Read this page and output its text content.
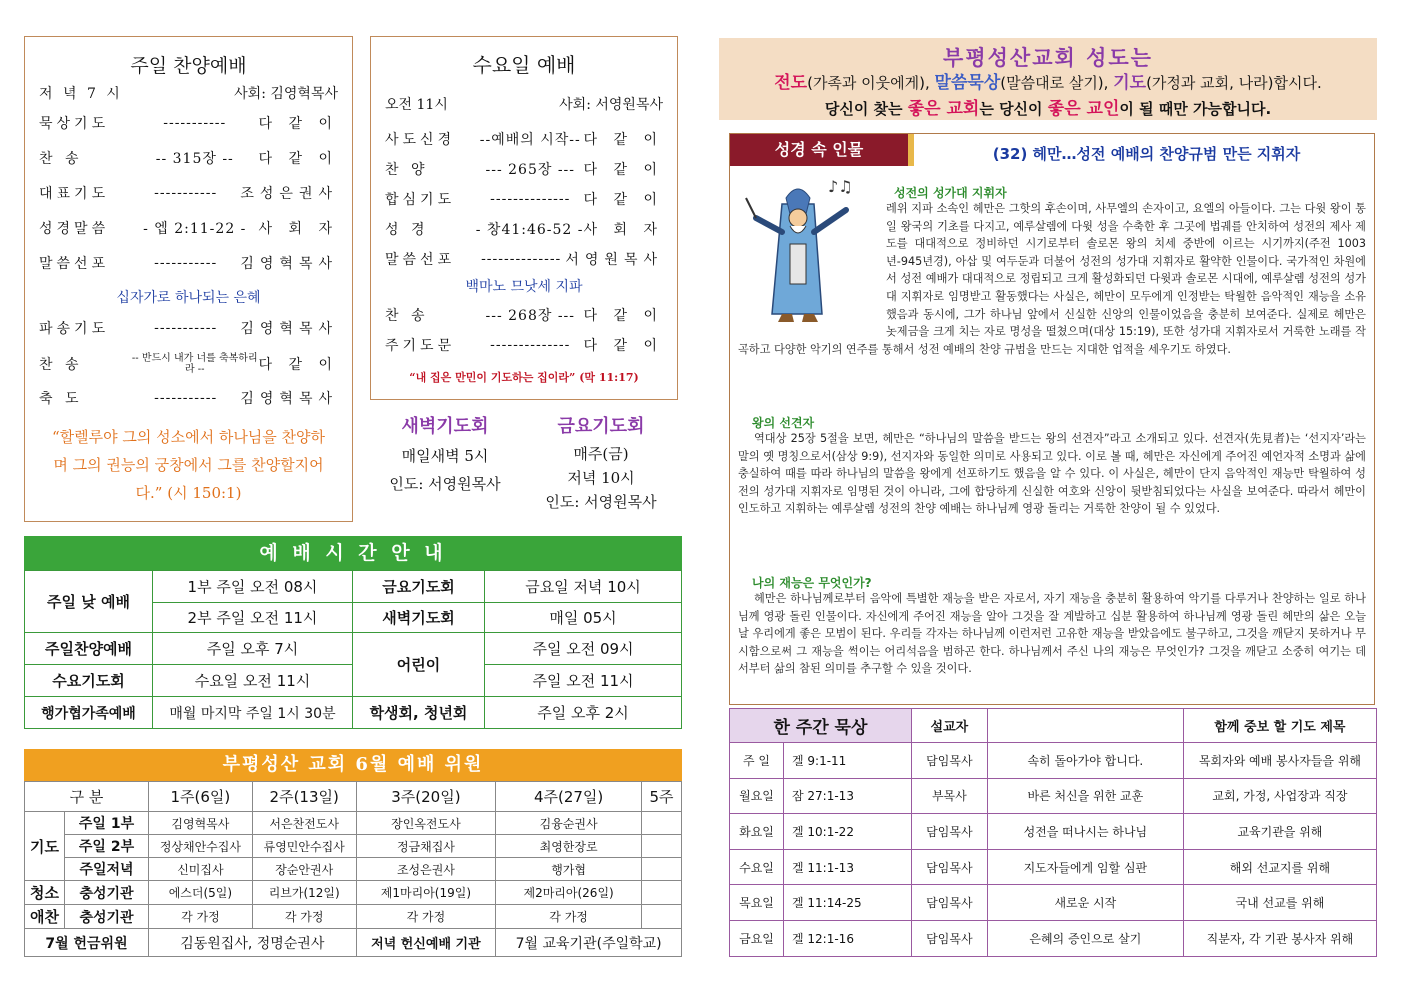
주일 찬양예배
저 녁 7 시	사회: 김영혁목사
묵상기도	-----------	다 같 이
찬 송	-- 315장 --	다 같 이
대표기도	-----------	조성은권사
성경말씀	- 엡 2:11-22 - 사 회 자
말씀선포	-----------	김영혁목사
십자가로 하나되는 은혜
파송기도	-----------	김영혁목사
찬 송	-- 반드시 내가 너를 축복하리라 --	다 같 이
축 도	-----------	김영혁목사
“할렐루야 그의 성소에서 하나님을 찬양하며 그의 권능의 궁창에서 그를 찬양할지어다.” (시 150:1)
수요일 예배
오전 11시	사회: 서영원목사
사도신경	--예배의 시작-- 다 같 이
찬 양	--- 265장 --- 다 같 이
합심기도	-------------- 다 같 이
성 경	- 창41:46-52 - 사 회 자
말씀선포	-------------- 서영원목사
백마노 므낫세 지파
찬 송	--- 268장 --- 다 같 이
주기도문	-------------- 다 같 이
“내 집은 만민이 기도하는 집이라” (막 11:17)
새벽기도회
매일새벽 5시
인도: 서영원목사
금요기도회
매주(금)
저녁 10시
인도: 서영원목사
예 배 시 간 안 내
주일 낮 예배	1부 주일 오전 08시	금요기도회	금요일 저녁 10시
	2부 주일 오전 11시	새벽기도회	매일 05시
주일찬양예배	주일 오후 7시	어린이	주일 오전 09시
수요기도회	수요일 오전 11시		주일 오전 11시
행가협가족예배	매월 마지막 주일 1시 30분	학생회, 청년회	주일 오후 2시
부평성산 교회 6월 예배 위원
구 분		1주(6일)	2주(13일)	3주(20일)	4주(27일)	5주
기도	주일 1부	김영혁목사	서은찬전도사	장인옥전도사	김융순권사	
	주일 2부	정상채안수집사	류영민안수집사	정금채집사	최영한장로	
	주일저녁	신미집사	장순안권사	조성은권사	행가협	
청소	충성기관	에스더(5일)	리브가(12일)	제1마리아(19일)	제2마리아(26일)	
애찬	충성기관	각 가정	각 가정	각 가정	각 가정	
7월 헌금위원		김동원집사, 정명순권사		저녁 헌신예배 기관	7월 교육기관(주일학교)	
부평성산교회 성도는
전도(가족과 이웃에게), 말씀묵상(말씀대로 살기), 기도(가정과 교회, 나라)합시다.
당신이 찾는 좋은 교회는 당신이 좋은 교인이 될 때만 가능합니다.
성경 속 인물	(32) 헤만…성전 예배의 찬양규범 만든 지휘자
♪♫	성전의 성가대 지휘자
레위 지파 소속인 헤만은 그핫의 후손이며, 사무엘의 손자이고, 요엘의 아들이다. 그는 다윗 왕이 통일 왕국의 기초를 다지고, 예루살렘에 다윗 성을 수축한 후 그곳에 법궤를 안치하여 성전의 제사 제도를 대대적으로 정비하던 시기로부터 솔로몬 왕의 치세 중반에 이르는 시기까지(주전 1003년-945년경), 아삽 및 여두둔과 더불어 성전의 성가대 지휘자로 활약한 인물이다. 국가적인 차원에서 성전 예배가 대대적으로 정립되고 크게 활성화되던 다윗과 솔로몬 시대에, 예루살렘 성전의 성가대 지휘자로 임명받고 활동했다는 사실은, 헤만이 모두에게 인정받는 탁월한 음악적인 재능을 소유했음과 동시에, 그가 하나님 앞에서 신실한 신앙의 인물이었음을 충분히 보여준다. 실제로 헤만은 놋제금을 크게 치는 자로 명성을 떨쳤으며(대상 15:19), 또한 성가대 지휘자로서 거룩한 노래를 작곡하고 다양한 악기의 연주를 통해서 성전 예배의 찬양 규범을 만드는 지대한 업적을 세우기도 하였다.
왕의 선견자
역대상 25장 5절을 보면, 헤만은 “하나님의 말씀을 받드는 왕의 선견자”라고 소개되고 있다. 선견자(先見者)는 ‘선지자’라는 말의 옛 명칭으로서(삼상 9:9), 선지자와 동일한 의미로 사용되고 있다. 이로 볼 때, 헤만은 자신에게 주어진 예언자적 소명과 삶에 충실하여 때를 따라 하나님의 말씀을 왕에게 선포하기도 했음을 알 수 있다. 이 사실은, 헤만이 단지 음악적인 재능만 탁월하여 성전의 성가대 지휘자로 임명된 것이 아니라, 그에 합당하게 신실한 여호와 신앙이 뒷받침되었다는 사실을 보여준다. 따라서 헤만이 인도하고 지휘하는 예루살렘 성전의 찬양 예배는 하나님께 영광 돌리는 거룩한 찬양이 될 수 있었다.
나의 재능은 무엇인가?
헤만은 하나님께로부터 음악에 특별한 재능을 받은 자로서, 자기 재능을 충분히 활용하여 악기를 다루거나 찬양하는 일로 하나님께 영광 돌린 인물이다. 자신에게 주어진 재능을 알아 그것을 잘 계발하고 십분 활용하여 하나님께 영광 돌린 헤만의 삶은 오늘날 우리에게 좋은 모범이 된다. 우리들 각자는 하나님께 이런저런 고유한 재능을 받았음에도 불구하고, 그것을 깨닫지 못하거나 무시함으로써 그 재능을 썩이는 어리석음을 범하곤 한다. 하나님께서 주신 나의 재능은 무엇인가? 그것을 깨닫고 소중히 여기는 데서부터 삶의 참된 의미를 추구할 수 있을 것이다.
한 주간 묵상		설교자		함께 중보 할 기도 제목
주 일	겔 9:1-11	담임목사	속히 돌아가야 합니다.	목회자와 예배 봉사자들을 위해
월요일	잠 27:1-13	부목사	바른 처신을 위한 교훈	교회, 가정, 사업장과 직장
화요일	겔 10:1-22	담임목사	성전을 떠나시는 하나님	교육기관을 위해
수요일	겔 11:1-13	담임목사	지도자들에게 임할 심판	해외 선교지를 위해
목요일	겔 11:14-25	담임목사	새로운 시작	국내 선교를 위해
금요일	겔 12:1-16	담임목사	은혜의 증인으로 살기	직분자, 각 기관 봉사자 위해
